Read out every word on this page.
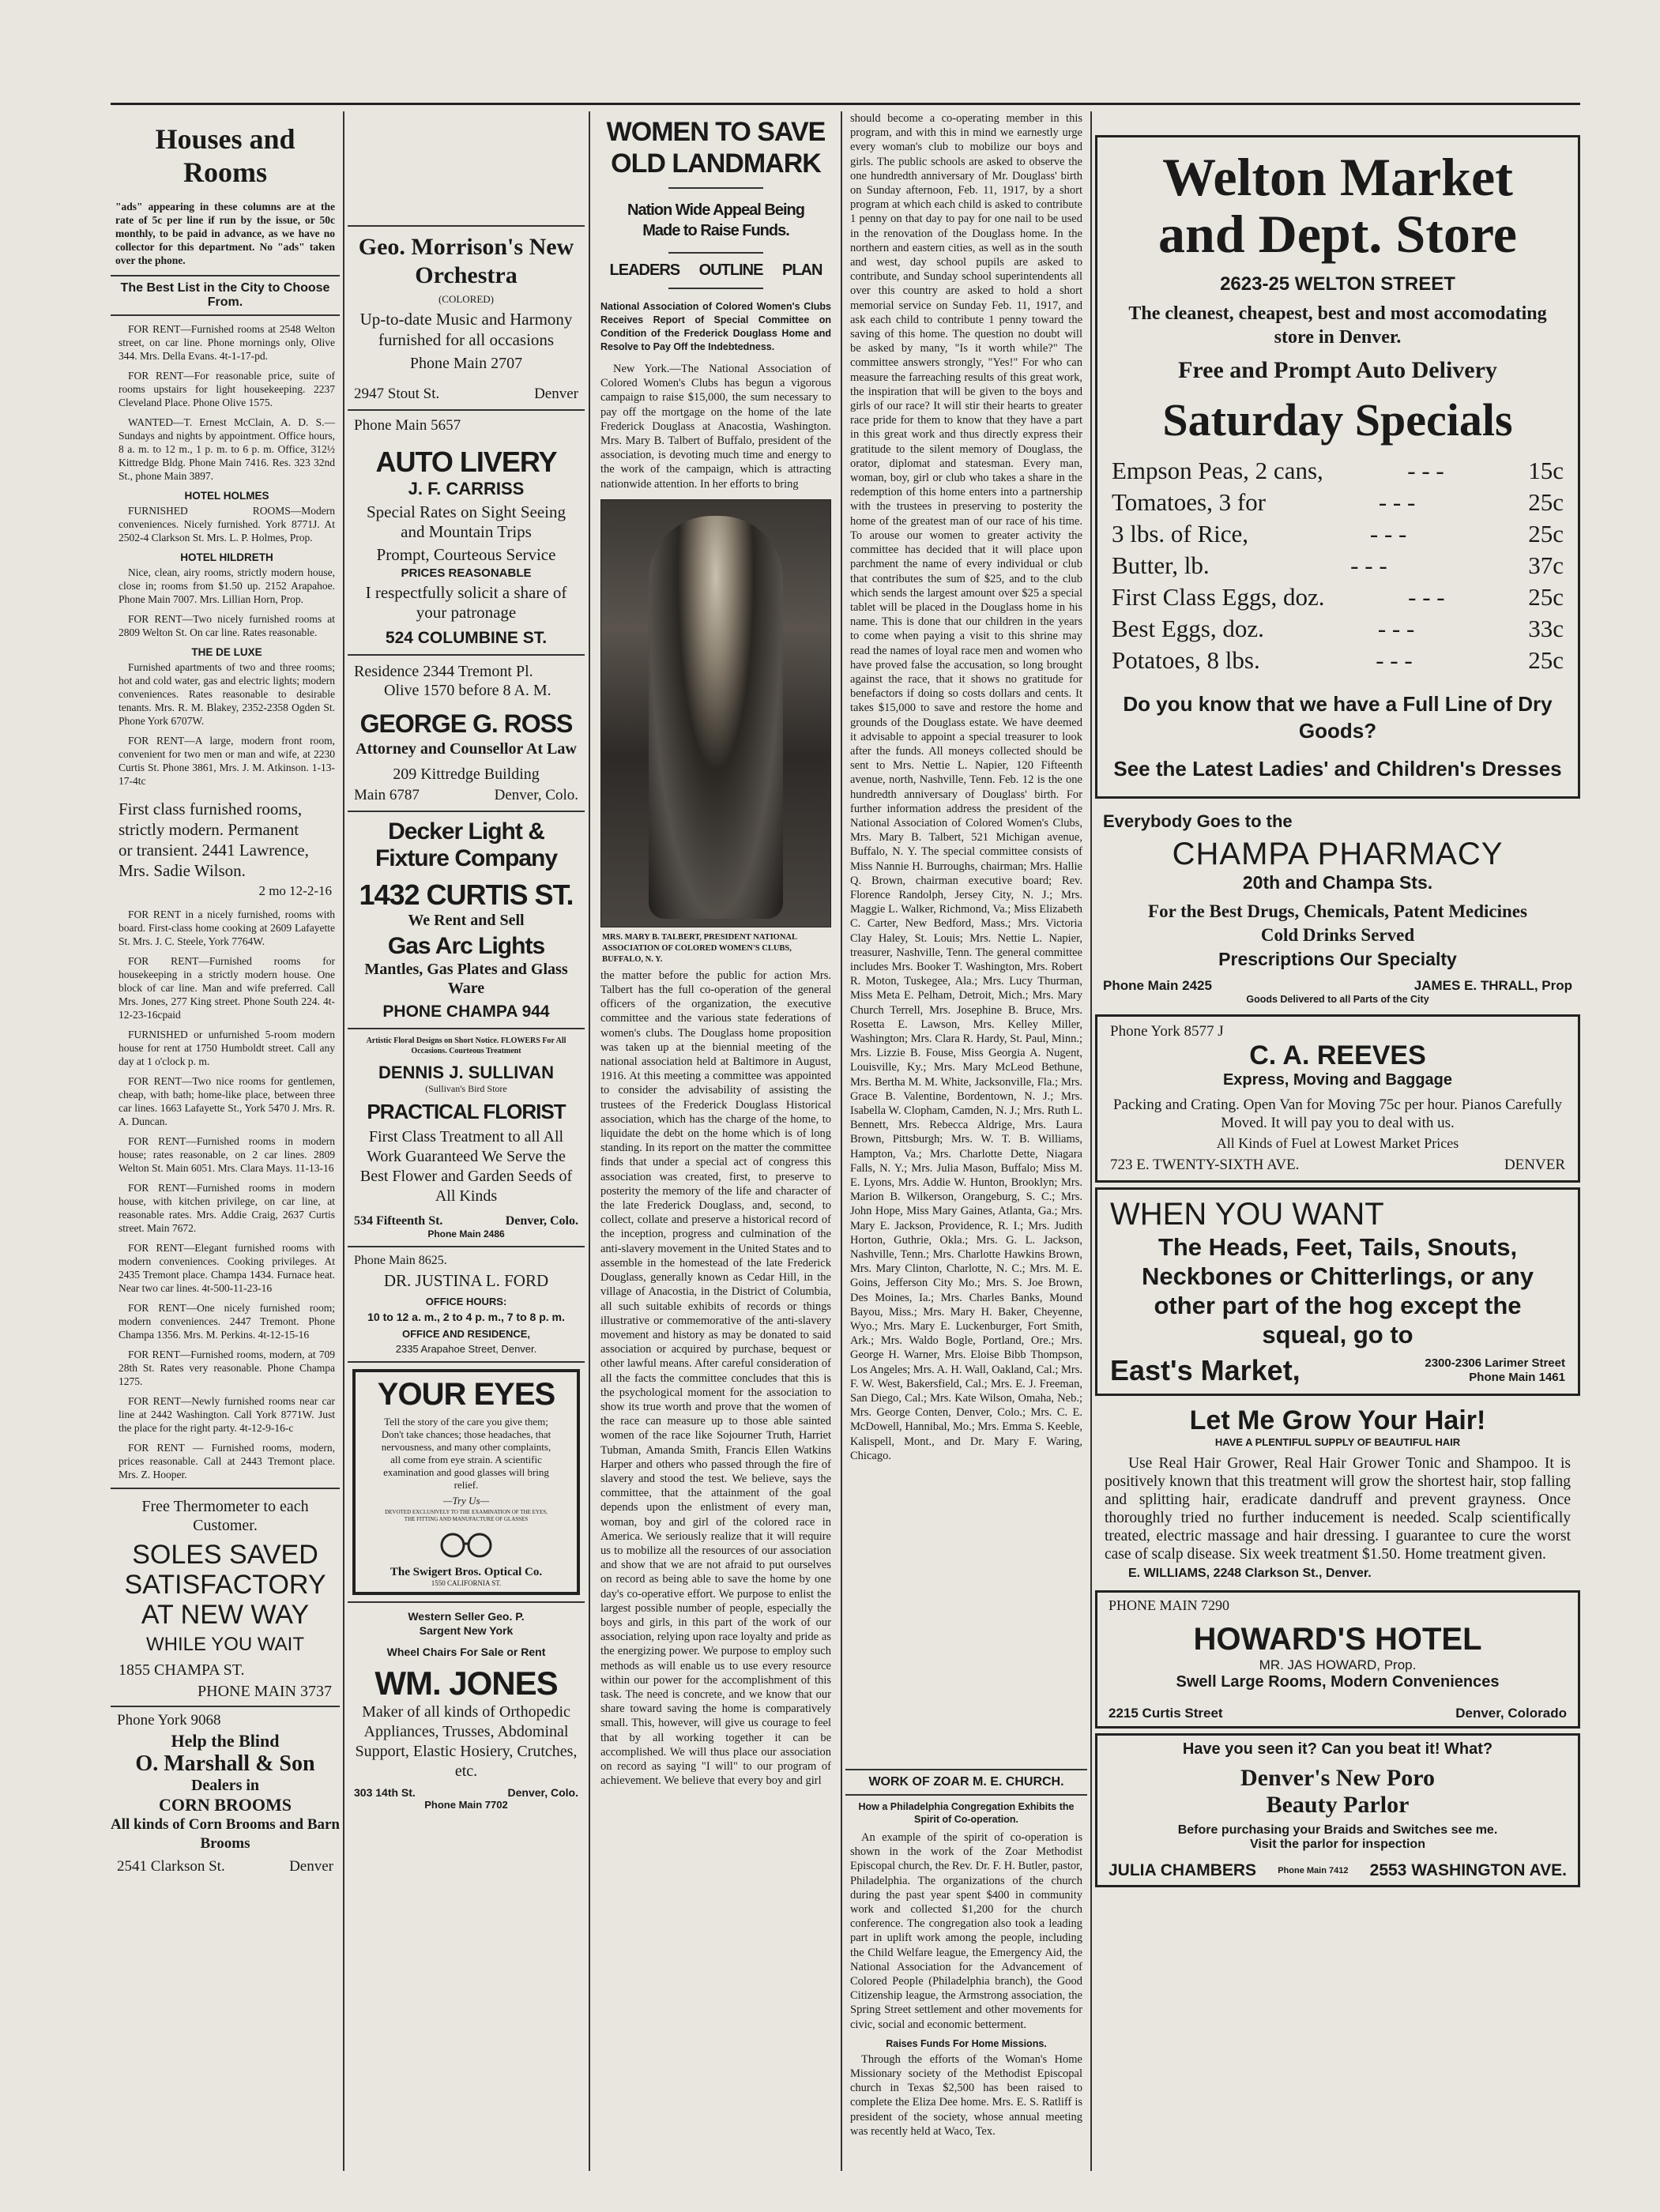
Houses and Rooms

"ads" appearing in these columns are at the rate of 5c per line if run by the issue, or 50c monthly, to be paid in advance, as we have no collector for this department. No "ads" taken over the phone.

The Best List in the City to Choose From.

FOR RENT—Furnished rooms at 2548 Welton street, on car line. Phone mornings only, Olive 344. Mrs. Della Evans. 4t-1-17-pd.

FOR RENT—For reasonable price, suite of rooms upstairs for light housekeeping. 2237 Cleveland Place. Phone Olive 1575.

WANTED—T. Ernest McClain, A. D. S.—Sundays and nights by appointment. Office hours, 8 a. m. to 12 m., 1 p. m. to 6 p. m. Office, 312½ Kittredge Bldg. Phone Main 7416. Res. 323 32nd St., phone Main 3897.

HOTEL HOLMES

FURNISHED ROOMS—Modern conveniences. Nicely furnished. York 8771J. At 2502-4 Clarkson St. Mrs. L. P. Holmes, Prop.

HOTEL HILDRETH

Nice, clean, airy rooms, strictly modern house, close in; rooms from $1.50 up. 2152 Arapahoe. Phone Main 7007. Mrs. Lillian Horn, Prop.

FOR RENT—Two nicely furnished rooms at 2809 Welton St. On car line. Rates reasonable.

THE DE LUXE

Furnished apartments of two and three rooms; hot and cold water, gas and electric lights; modern conveniences. Rates reasonable to desirable tenants. Mrs. R. M. Blakey, 2352-2358 Ogden St. Phone York 6707W.

FOR RENT—A large, modern front room, convenient for two men or man and wife, at 2230 Curtis St. Phone 3861, Mrs. J. M. Atkinson. 1-13-17-4tc

First class furnished rooms,
strictly modern. Permanent
or transient. 2441 Lawrence,
Mrs. Sadie Wilson.
2 mo 12-2-16

FOR RENT in a nicely furnished, rooms with board. First-class home cooking at 2609 Lafayette St. Mrs. J. C. Steele, York 7764W.

FOR RENT—Furnished rooms for housekeeping in a strictly modern house. One block of car line. Man and wife preferred. Call Mrs. Jones, 277 King street. Phone South 224. 4t-12-23-16cpaid

FURNISHED or unfurnished 5-room modern house for rent at 1750 Humboldt street. Call any day at 1 o'clock p. m.

FOR RENT—Two nice rooms for gentlemen, cheap, with bath; home-like place, between three car lines. 1663 Lafayette St., York 5470 J. Mrs. R. A. Duncan.

FOR RENT—Furnished rooms in modern house; rates reasonable, on 2 car lines. 2809 Welton St. Main 6051. Mrs. Clara Mays. 11-13-16

FOR RENT—Furnished rooms in modern house, with kitchen privilege, on car line, at reasonable rates. Mrs. Addie Craig, 2637 Curtis street. Main 7672.

FOR RENT—Elegant furnished rooms with modern conveniences. Cooking privileges. At 2435 Tremont place. Champa 1434. Furnace heat. Near two car lines. 4t-500-11-23-16

FOR RENT—One nicely furnished room; modern conveniences. 2447 Tremont. Phone Champa 1356. Mrs. M. Perkins. 4t-12-15-16

FOR RENT—Furnished rooms, modern, at 709 28th St. Rates very reasonable. Phone Champa 1275.

FOR RENT—Newly furnished rooms near car line at 2442 Washington. Call York 8771W. Just the place for the right party. 4t-12-9-16-c

FOR RENT — Furnished rooms, modern, prices reasonable. Call at 2443 Tremont place. Mrs. Z. Hooper.

Free Thermometer to each Customer.
SOLES SAVED
SATISFACTORY
AT NEW WAY
WHILE YOU WAIT
1855 CHAMPA ST.
PHONE MAIN 3737
Phone York 9068
Help the Blind
O. Marshall & Son
Dealers in
CORN BROOMS
All kinds of Corn Brooms and Barn Brooms
2541 Clarkson St.	Denver
Geo. Morrison's New Orchestra
(COLORED)
Up-to-date Music and Harmony furnished for all occasions
Phone Main 2707
2947 Stout St.	Denver
Phone Main 5657
AUTO LIVERY
J. F. CARRISS
Special Rates on Sight Seeing and Mountain Trips
Prompt, Courteous Service
PRICES REASONABLE
I respectfully solicit a share of your patronage
524 COLUMBINE ST.
Residence 2344 Tremont Pl.
Olive 1570 before 8 A. M.
GEORGE G. ROSS
Attorney and Counsellor At Law
209 Kittredge Building
Main 6787	Denver, Colo.
Decker Light & Fixture Company
1432 CURTIS ST.
We Rent and Sell
Gas Arc Lights
Mantles, Gas Plates and Glass Ware
PHONE CHAMPA 944
Artistic Floral Designs on Short Notice. FLOWERS For All Occasions. Courteous Treatment
DENNIS J. SULLIVAN
(Sullivan's Bird Store
PRACTICAL FLORIST
First Class Treatment to all All Work Guaranteed We Serve the Best Flower and Garden Seeds of All Kinds
534 Fifteenth St.	Denver, Colo.
Phone Main 2486
Phone Main 8625.
DR. JUSTINA L. FORD
OFFICE HOURS:
10 to 12 a. m., 2 to 4 p. m., 7 to 8 p. m.
OFFICE AND RESIDENCE,
2335 Arapahoe Street, Denver.
YOUR EYES
Tell the story of the care you give them; Don't take chances; those headaches, that nervousness, and many other complaints, all come from eye strain. A scientific examination and good glasses will bring relief.
—Try Us—
DEVOTED EXCLUSIVELY TO THE EXAMINATION OF THE EYES, THE FITTING AND MANUFACTURE OF GLASSES
The Swigert Bros. Optical Co.
1550 CALIFORNIA ST.
Western Seller Geo. P. Sargent New York
Wheel Chairs For Sale or Rent
WM. JONES
Maker of all kinds of Orthopedic Appliances, Trusses, Abdominal Support, Elastic Hosiery, Crutches, etc.
303 14th St.	Denver, Colo.
Phone Main 7702
WOMEN TO SAVE
OLD LANDMARK
Nation Wide Appeal Being Made to Raise Funds.
LEADERS OUTLINE PLAN

National Association of Colored Women's Clubs Receives Report of Special Committee on Condition of the Frederick Douglass Home and Resolve to Pay Off the Indebtedness.

New York.—The National Association of Colored Women's Clubs has begun a vigorous campaign to raise $15,000, the sum necessary to pay off the mortgage on the home of the late Frederick Douglass at Anacostia, Washington. Mrs. Mary B. Talbert of Buffalo, president of the association, is devoting much time and energy to the work of the campaign, which is attracting nationwide attention. In her efforts to bring

MRS. MARY B. TALBERT, PRESIDENT NATIONAL ASSOCIATION OF COLORED WOMEN'S CLUBS, BUFFALO, N. Y.

the matter before the public for action Mrs. Talbert has the full co-operation of the general officers of the organization, the executive committee and the various state federations of women's clubs. The Douglass home proposition was taken up at the biennial meeting of the national association held at Baltimore in August, 1916. At this meeting a committee was appointed to consider the advisability of assisting the trustees of the Frederick Douglass Historical association, which has the charge of the home, to liquidate the debt on the home which is of long standing. In its report on the matter the committee finds that under a special act of congress this association was created, first, to preserve to posterity the memory of the life and character of the late Frederick Douglass, and, second, to collect, collate and preserve a historical record of the inception, progress and culmination of the anti-slavery movement in the United States and to assemble in the homestead of the late Frederick Douglass, generally known as Cedar Hill, in the village of Anacostia, in the District of Columbia, all such suitable exhibits of records or things illustrative or commemorative of the anti-slavery movement and history as may be donated to said association or acquired by purchase, bequest or other lawful means. After careful consideration of all the facts the committee concludes that this is the psychological moment for the association to show its true worth and prove that the women of the race can measure up to those able sainted women of the race like Sojourner Truth, Harriet Tubman, Amanda Smith, Francis Ellen Watkins Harper and others who passed through the fire of slavery and stood the test. We believe, says the committee, that the attainment of the goal depends upon the enlistment of every man, woman, boy and girl of the colored race in America. We seriously realize that it will require us to mobilize all the resources of our association and show that we are not afraid to put ourselves on record as being able to save the home by one day's co-operative effort. We purpose to enlist the largest possible number of people, especially the boys and girls, in this part of the work of our association, relying upon race loyalty and pride as the energizing power. We purpose to employ such methods as will enable us to use every resource within our power for the accomplishment of this task. The need is concrete, and we know that our share toward saving the home is comparatively small. This, however, will give us courage to feel that by all working together it can be accomplished. We will thus place our association on record as saying "I will" to our program of achievement. We believe that every boy and girl

should become a co-operating member in this program, and with this in mind we earnestly urge every woman's club to mobilize our boys and girls. The public schools are asked to observe the one hundredth anniversary of Mr. Douglass' birth on Sunday afternoon, Feb. 11, 1917, by a short program at which each child is asked to contribute 1 penny on that day to pay for one nail to be used in the renovation of the Douglass home. In the northern and eastern cities, as well as in the south and west, day school pupils are asked to contribute, and Sunday school superintendents all over this country are asked to hold a short memorial service on Sunday Feb. 11, 1917, and ask each child to contribute 1 penny toward the saving of this home. The question no doubt will be asked by many, "Is it worth while?" The committee answers strongly, "Yes!" For who can measure the farreaching results of this great work, the inspiration that will be given to the boys and girls of our race? It will stir their hearts to greater race pride for them to know that they have a part in this great work and thus directly express their gratitude to the silent memory of Douglass, the orator, diplomat and statesman. Every man, woman, boy, girl or club who takes a share in the redemption of this home enters into a partnership with the trustees in preserving to posterity the home of the greatest man of our race of his time. To arouse our women to greater activity the committee has decided that it will place upon parchment the name of every individual or club that contributes the sum of $25, and to the club which sends the largest amount over $25 a special tablet will be placed in the Douglass home in his name. This is done that our children in the years to come when paying a visit to this shrine may read the names of loyal race men and women who have proved false the accusation, so long brought against the race, that it shows no gratitude for benefactors if doing so costs dollars and cents. It takes $15,000 to save and restore the home and grounds of the Douglass estate. We have deemed it advisable to appoint a special treasurer to look after the funds. All moneys collected should be sent to Mrs. Nettie L. Napier, 120 Fifteenth avenue, north, Nashville, Tenn. Feb. 12 is the one hundredth anniversary of Douglass' birth. For further information address the president of the National Association of Colored Women's Clubs, Mrs. Mary B. Talbert, 521 Michigan avenue, Buffalo, N. Y. The special committee consists of Miss Nannie H. Burroughs, chairman; Mrs. Hallie Q. Brown, chairman executive board; Rev. Florence Randolph, Jersey City, N. J.; Mrs. Maggie L. Walker, Richmond, Va.; Miss Elizabeth C. Carter, New Bedford, Mass.; Mrs. Victoria Clay Haley, St. Louis; Mrs. Nettie L. Napier, treasurer, Nashville, Tenn. The general committee includes Mrs. Booker T. Washington, Mrs. Robert R. Moton, Tuskegee, Ala.; Mrs. Lucy Thurman, Miss Meta E. Pelham, Detroit, Mich.; Mrs. Mary Church Terrell, Mrs. Josephine B. Bruce, Mrs. Rosetta E. Lawson, Mrs. Kelley Miller, Washington; Mrs. Clara R. Hardy, St. Paul, Minn.; Mrs. Lizzie B. Fouse, Miss Georgia A. Nugent, Louisville, Ky.; Mrs. Mary McLeod Bethune, Mrs. Bertha M. M. White, Jacksonville, Fla.; Mrs. Grace B. Valentine, Bordentown, N. J.; Mrs. Isabella W. Clopham, Camden, N. J.; Mrs. Ruth L. Bennett, Mrs. Rebecca Aldrige, Mrs. Laura Brown, Pittsburgh; Mrs. W. T. B. Williams, Hampton, Va.; Mrs. Charlotte Dette, Niagara Falls, N. Y.; Mrs. Julia Mason, Buffalo; Miss M. E. Lyons, Mrs. Addie W. Hunton, Brooklyn; Mrs. Marion B. Wilkerson, Orangeburg, S. C.; Mrs. John Hope, Miss Mary Gaines, Atlanta, Ga.; Mrs. Mary E. Jackson, Providence, R. I.; Mrs. Judith Horton, Guthrie, Okla.; Mrs. G. L. Jackson, Nashville, Tenn.; Mrs. Charlotte Hawkins Brown, Mrs. Mary Clinton, Charlotte, N. C.; Mrs. M. E. Goins, Jefferson City Mo.; Mrs. S. Joe Brown, Des Moines, Ia.; Mrs. Charles Banks, Mound Bayou, Miss.; Mrs. Mary H. Baker, Cheyenne, Wyo.; Mrs. Mary E. Luckenburger, Fort Smith, Ark.; Mrs. Waldo Bogle, Portland, Ore.; Mrs. George H. Warner, Mrs. Eloise Bibb Thompson, Los Angeles; Mrs. A. H. Wall, Oakland, Cal.; Mrs. F. W. West, Bakersfield, Cal.; Mrs. E. J. Freeman, San Diego, Cal.; Mrs. Kate Wilson, Omaha, Neb.; Mrs. George Conten, Denver, Colo.; Mrs. C. E. McDowell, Hannibal, Mo.; Mrs. Emma S. Keeble, Kalispell, Mont., and Dr. Mary F. Waring, Chicago.

WORK OF ZOAR M. E. CHURCH.

How a Philadelphia Congregation Exhibits the Spirit of Co-operation.

An example of the spirit of co-operation is shown in the work of the Zoar Methodist Episcopal church, the Rev. Dr. F. H. Butler, pastor, Philadelphia. The organizations of the church during the past year spent $400 in community work and collected $1,200 for the church conference. The congregation also took a leading part in uplift work among the people, including the Child Welfare league, the Emergency Aid, the National Association for the Advancement of Colored People (Philadelphia branch), the Good Citizenship league, the Armstrong association, the Spring Street settlement and other movements for civic, social and economic betterment.

Raises Funds For Home Missions.

Through the efforts of the Woman's Home Missionary society of the Methodist Episcopal church in Texas $2,500 has been raised to complete the Eliza Dee home. Mrs. E. S. Ratliff is president of the society, whose annual meeting was recently held at Waco, Tex.

Welton Market
and Dept. Store
2623-25 WELTON STREET
The cleanest, cheapest, best and most accomodating store in Denver.
Free and Prompt Auto Delivery
Saturday Specials
Empson Peas, 2 cans,	- - -	15c
Tomatoes, 3 for	- - -	25c
3 lbs. of Rice,	- - -	25c
Butter, lb.	- - -	37c
First Class Eggs, doz.	- - -	25c
Best Eggs, doz.	- - -	33c
Potatoes, 8 lbs.	- - -	25c
Do you know that we have a Full Line of Dry Goods?
See the Latest Ladies' and Children's Dresses
Everybody Goes to the
CHAMPA PHARMACY
20th and Champa Sts.
For the Best Drugs, Chemicals, Patent Medicines
Cold Drinks Served
Prescriptions Our Specialty
Phone Main 2425	JAMES E. THRALL, Prop
Goods Delivered to all Parts of the City
Phone York 8577 J
C. A. REEVES
Express, Moving and Baggage
Packing and Crating. Open Van for Moving 75c per hour. Pianos Carefully Moved. It will pay you to deal with us.
All Kinds of Fuel at Lowest Market Prices
723 E. TWENTY-SIXTH AVE.	DENVER
WHEN YOU WANT
The Heads, Feet, Tails, Snouts, Neckbones or Chitterlings, or any other part of the hog except the squeal, go to
East's Market,	2300-2306 Larimer Street
Phone Main 1461
Let Me Grow Your Hair!
HAVE A PLENTIFUL SUPPLY OF BEAUTIFUL HAIR

Use Real Hair Grower, Real Hair Grower Tonic and Shampoo. It is positively known that this treatment will grow the shortest hair, stop falling and splitting hair, eradicate dandruff and prevent grayness. Once thoroughly tried no further inducement is needed. Scalp scientifically treated, electric massage and hair dressing. I guarantee to cure the worst case of scalp disease. Six week treatment $1.50. Home treatment given.

E. WILLIAMS, 2248 Clarkson St., Denver.
PHONE MAIN 7290
HOWARD'S HOTEL
MR. JAS HOWARD, Prop.
Swell Large Rooms, Modern Conveniences
2215 Curtis Street	Denver, Colorado
Have you seen it? Can you beat it! What?
Denver's New Poro
Beauty Parlor
Before purchasing your Braids and Switches see me.
Visit the parlor for inspection
JULIA CHAMBERS Phone Main 7412 2553 WASHINGTON AVE.
